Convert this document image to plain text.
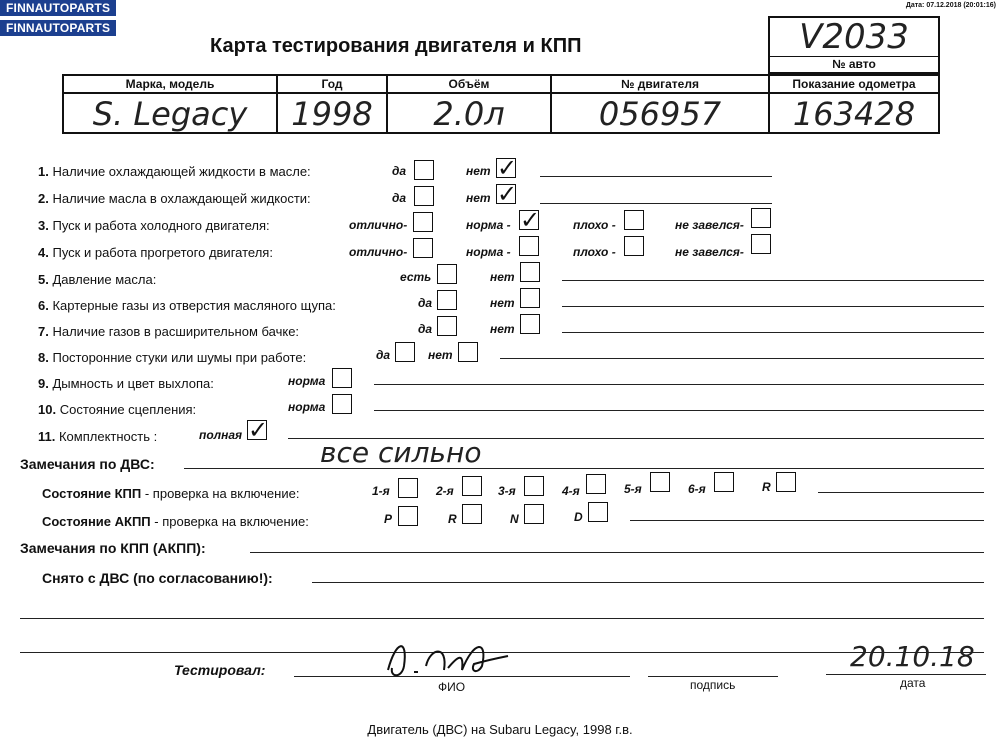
FINNAUTOPARTS
FINNAUTOPARTS
Дата: 07.12.2018 (20:01:16)
Карта тестирования двигателя и КПП	V2033
№ авто
Марка, модель	Год	Объём	№ двигателя	Показание одометра
S. Legacy	1998	2.0л	056957	163428
1. Наличие охлаждающей жидкости в масле:	да	нет ✓
2. Наличие масла в охлаждающей жидкости:	да	нет ✓
3. Пуск и работа холодного двигателя:	отлично-	норма - ✓	плохо -	не завелся-
4. Пуск и работа прогретого двигателя:	отлично-	норма -	плохо -	не завелся-
5. Давление масла:	есть	нет
6. Картерные газы из отверстия масляного щупа:	да	нет
7. Наличие газов в расширительном бачке:	да	нет
8. Посторонние стуки или шумы при работе:	да	нет
9. Дымность и цвет выхлопа:	норма
10. Состояние сцепления:	норма
11. Комплектность :	полная ✓
Замечания по ДВС:	все сильно
Состояние КПП - проверка на включение:	1-я	2-я	3-я	4-я	5-я	6-я	R
Состояние АКПП - проверка на включение:	P	R	N	D
Замечания по КПП (АКПП):
Снято с ДВС (по согласованию!):
Тестировал:	20.10.18
ФИО	подпись	дата
Двигатель (ДВС) на Subaru Legacy, 1998 г.в.
